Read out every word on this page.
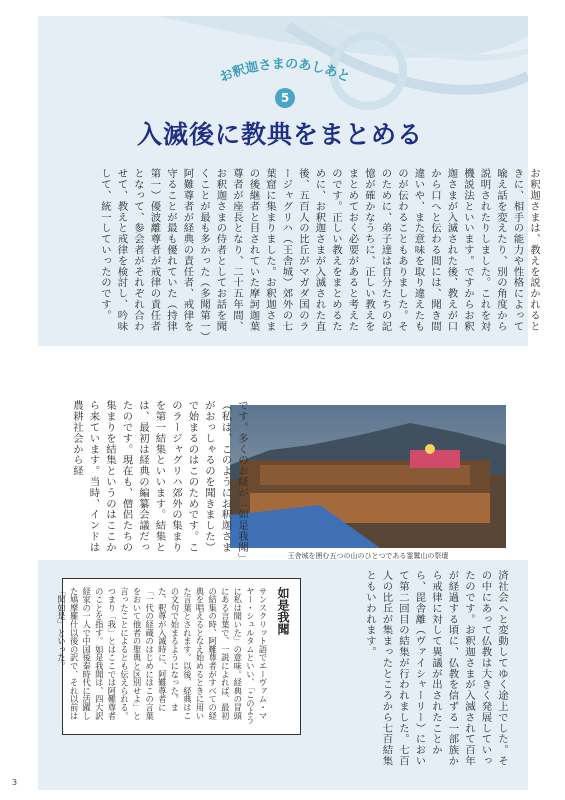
お釈迦さまのあしあと
5
入滅後に教典をまとめる
お釈迦さまは、教えを説かれるときに、相手の能力や性格によって喩え話を変えたり、別の角度から説明されたりしました。これを対機説法といいます。ですからお釈迦さまが入滅された後、教えが口から口へと伝わる間には、聞き間違いや、また意味を取り違えたものが伝わることもありました。そのために、弟子達は自分たちの記憶が確かなうちに、正しい教えをまとめておく必要があると考えたのです。正しい教えをまとめるために、お釈迦さまが入滅された直後、五百人の比丘がマガダ国のラージャグリハ（王舎城）郊外の七葉窟に集まりました。お釈迦さまの後継者と目されていた摩訶迦葉尊者が座長となり、二十五年間、お釈迦さまの侍者としてお話を聞くことが最も多かった（多聞第一）阿難尊者が経典の責任者、戒律を守ることが最も優れていた（持律第一）優波離尊者が戒律の責任者となって、参会者がそれぞれ合わせて、教えと戒律を検討し、吟味して、統一していったのです。
王舎城を囲む五つの山のひとつである霊鷲山の祭壇
です。多くのお経が「如是我聞」（私は、このようにお釈迦さまがおっしゃるのを聞きました）で始まるのはこのためです。このラージャグリハ郊外の集まりを第一結集といいます。結集とは、最初は経典の編纂会議だったのです。現在も、僧侶たちの集まりを結集というのはここから来ています。当時、インドは農耕社会から経
済社会へと変動してゆく途上でした。その中にあって仏教は大きく発展していったのです。お釈迦さまが入滅されて百年が経過する頃に、仏教を信ずる一部族から戒律に対して異議が出されたことから、毘舎離（ヴァイシャーリー）において第二回目の結集が行われました。七百人の比丘が集まったところから七百結集ともいわれます。
如是我聞
サンスクリット語でエーヴァム・マヤー・シュルタムといい、「このように私は聞いた」の意味。経典の冒頭にある言葉で、一説によれば、最初の結集の時、阿難尊者がすべての経典を唱えるとなえ始めるときに用いた言葉とされます。以後、経典はこの文句で始まるようになった。また、釈尊が入滅時に、阿難尊者に「一代の経蔵のはじめにはこの言葉をおいて他者の聖典と区別せよ」と言ったことによるとも伝えられる。つまり「我」とはここでは阿難尊者のことを指す。如是我聞は、四大訳経家の一人で中国後秦時代に活躍した鳩摩羅什以後の訳で、それ以前は「聞如是」といった。
3
